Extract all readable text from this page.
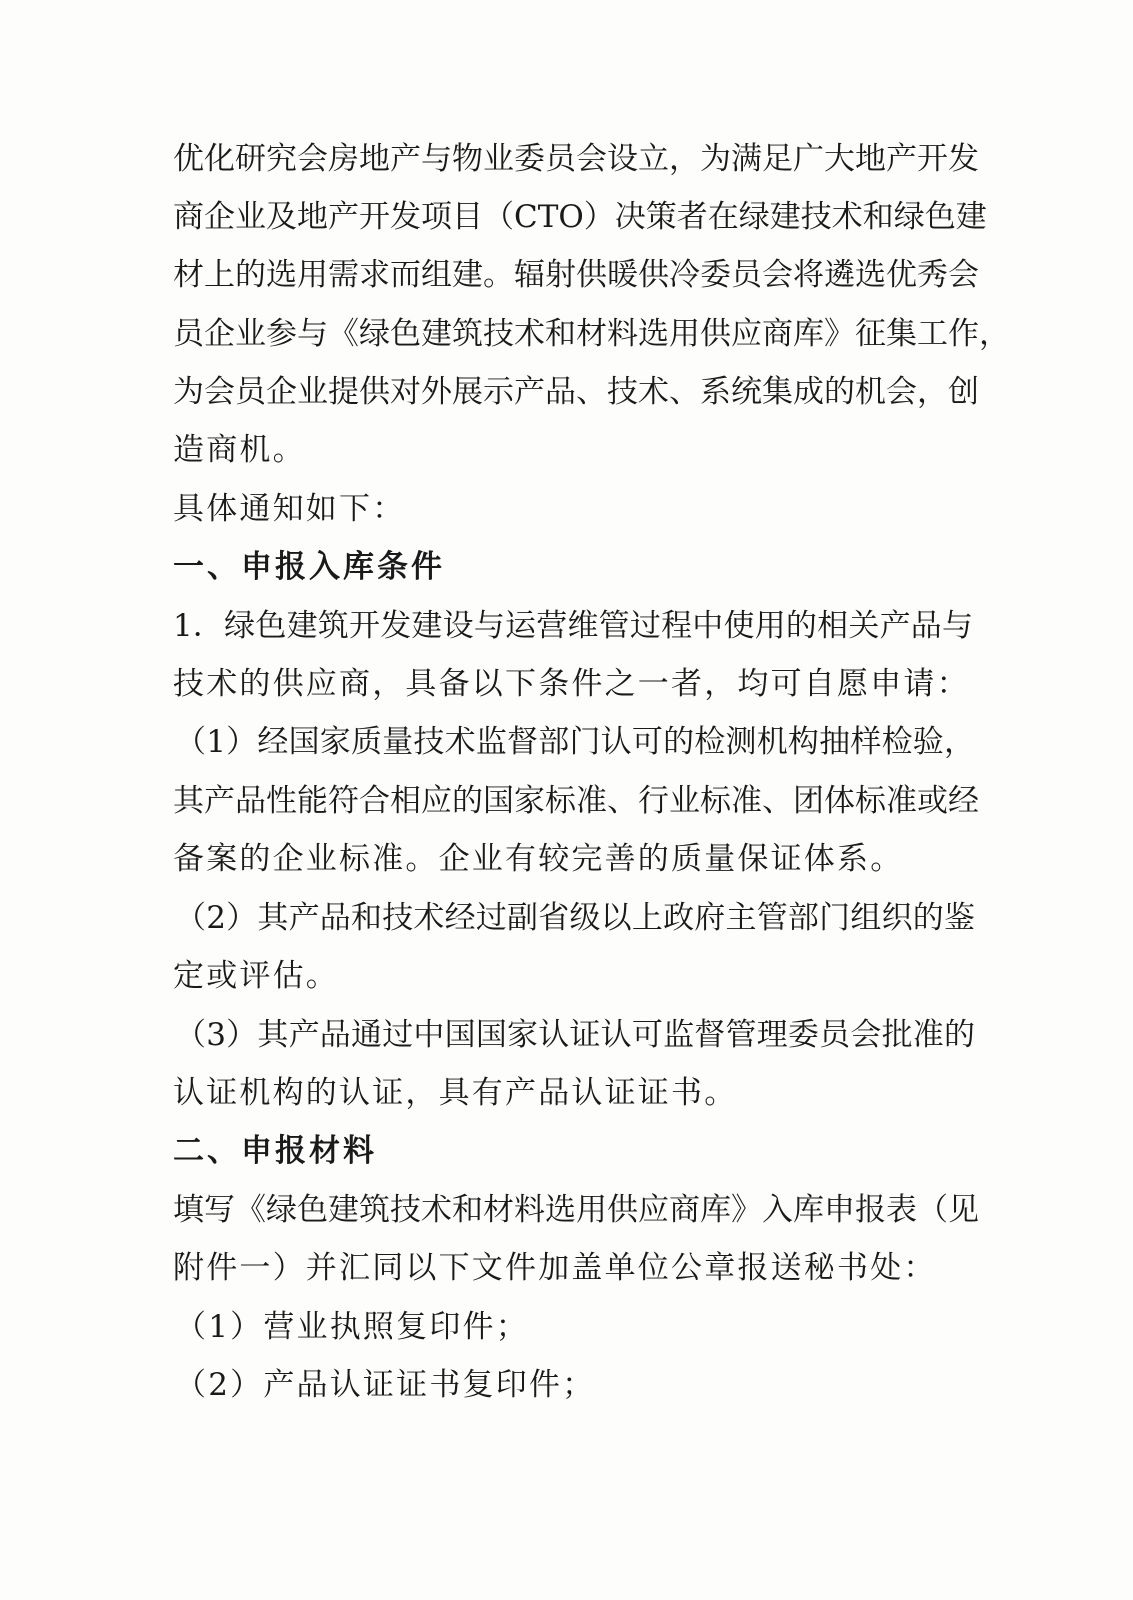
优化研究会房地产与物业委员会设立，为满足广大地产开发

商企业及地产开发项目（CTO）决策者在绿建技术和绿色建

材上的选用需求而组建。辐射供暖供冷委员会将遴选优秀会

员企业参与《绿色建筑技术和材料选用供应商库》征集工作，

为会员企业提供对外展示产品、技术、系统集成的机会，创

造商机。

具体通知如下：

一、申报入库条件

1．绿色建筑开发建设与运营维管过程中使用的相关产品与

技术的供应商，具备以下条件之一者，均可自愿申请：

（1）经国家质量技术监督部门认可的检测机构抽样检验，

其产品性能符合相应的国家标准、行业标准、团体标准或经

备案的企业标准。企业有较完善的质量保证体系。

（2）其产品和技术经过副省级以上政府主管部门组织的鉴

定或评估。

（3）其产品通过中国国家认证认可监督管理委员会批准的

认证机构的认证，具有产品认证证书。

二、申报材料

填写《绿色建筑技术和材料选用供应商库》入库申报表（见

附件一）并汇同以下文件加盖单位公章报送秘书处：

（1）营业执照复印件；

（2）产品认证证书复印件；
